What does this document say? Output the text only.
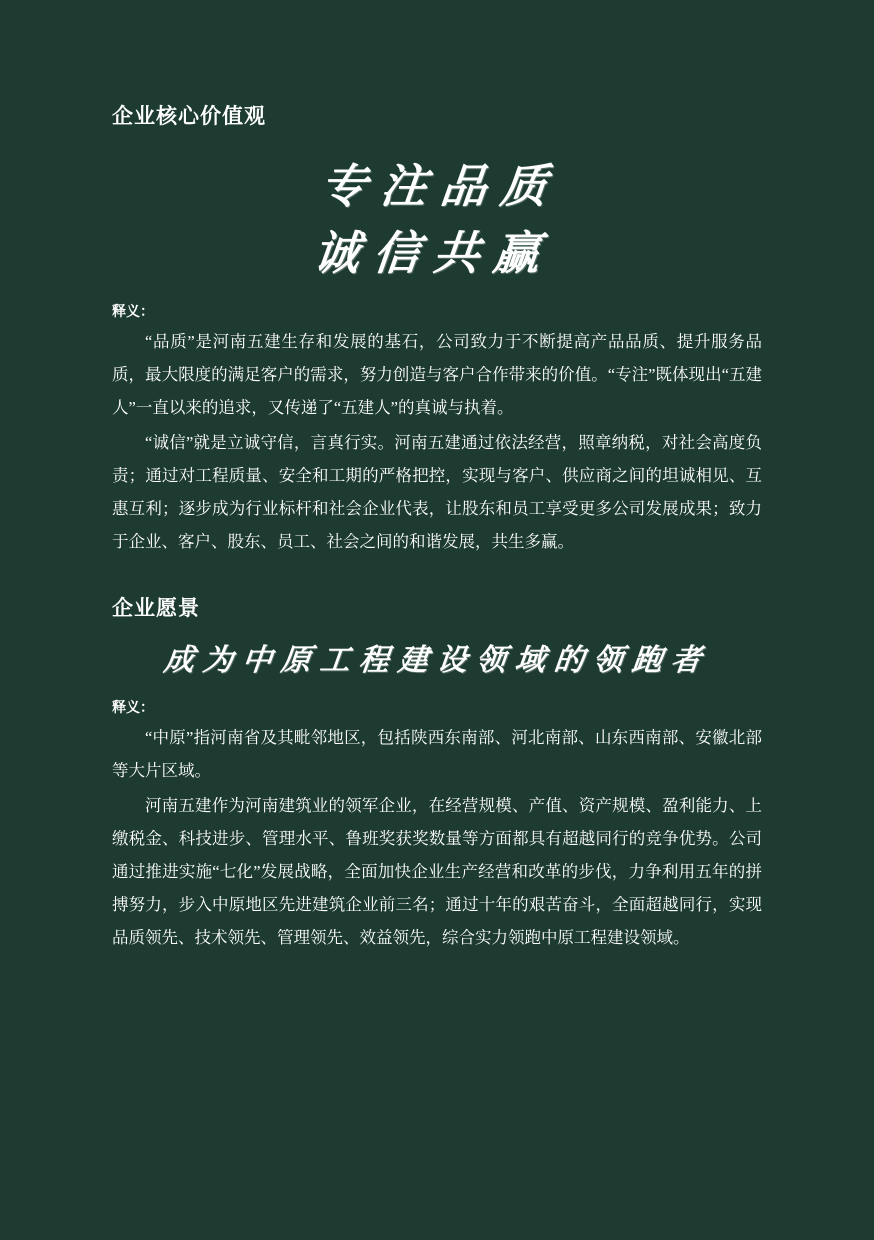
企业核心价值观
专注品质
诚信共赢
释义：

“品质”是河南五建生存和发展的基石，公司致力于不断提高产品品质、提升服务品质，最大限度的满足客户的需求，努力创造与客户合作带来的价值。“专注”既体现出“五建人”一直以来的追求，又传递了“五建人”的真诚与执着。

“诚信”就是立诚守信，言真行实。河南五建通过依法经营，照章纳税，对社会高度负责；通过对工程质量、安全和工期的严格把控，实现与客户、供应商之间的坦诚相见、互惠互利；逐步成为行业标杆和社会企业代表，让股东和员工享受更多公司发展成果；致力于企业、客户、股东、员工、社会之间的和谐发展，共生多赢。

企业愿景
成为中原工程建设领域的领跑者
释义：

“中原”指河南省及其毗邻地区，包括陕西东南部、河北南部、山东西南部、安徽北部等大片区域。

河南五建作为河南建筑业的领军企业，在经营规模、产值、资产规模、盈利能力、上缴税金、科技进步、管理水平、鲁班奖获奖数量等方面都具有超越同行的竞争优势。公司通过推进实施“七化”发展战略，全面加快企业生产经营和改革的步伐，力争利用五年的拼搏努力，步入中原地区先进建筑企业前三名；通过十年的艰苦奋斗，全面超越同行，实现品质领先、技术领先、管理领先、效益领先，综合实力领跑中原工程建设领域。
